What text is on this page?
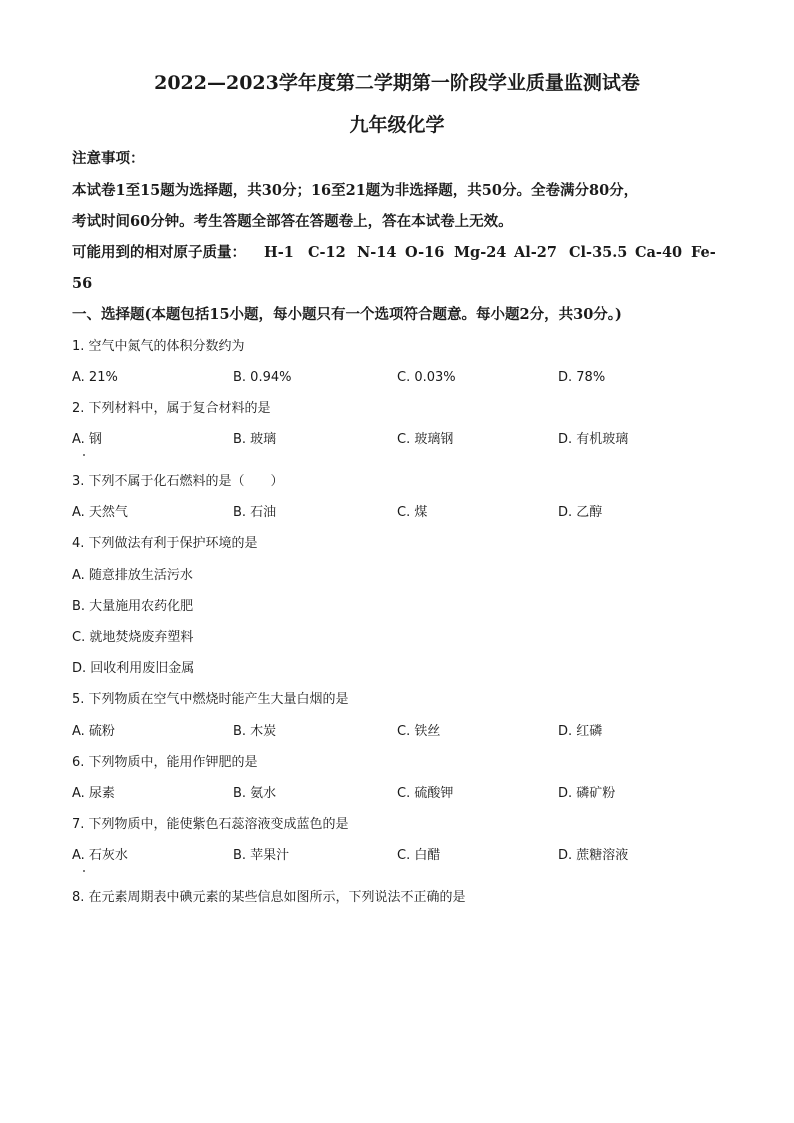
2022—2023学年度第二学期第一阶段学业质量监测试卷
九年级化学
注意事项：
本试卷1至15题为选择题，共30分；16至21题为非选择题，共50分。全卷满分80分，
考试时间60分钟。考生答题全部答在答题卷上，答在本试卷上无效。
可能用到的相对原子质量： H-1 C-12 N-14 O-16 Mg-24 Al-27 Cl-35.5 Ca-40 Fe-
56
一、选择题(本题包括15小题，每小题只有一个选项符合题意。每小题2分，共30分。)
1. 空气中氮气的体积分数约为
A. 21%	B. 0.94%	C. 0.03%	D. 78%
2. 下列材料中，属于复合材料的是
A. 钢	B. 玻璃	C. 玻璃钢	D. 有机玻璃
3. 下列不属于化石燃料的是（　　）
A. 天然气	B. 石油	C. 煤	D. 乙醇
4. 下列做法有利于保护环境的是
A. 随意排放生活污水
B. 大量施用农药化肥
C. 就地焚烧废弃塑料
D. 回收利用废旧金属
5. 下列物质在空气中燃烧时能产生大量白烟的是
A. 硫粉	B. 木炭	C. 铁丝	D. 红磷
6. 下列物质中，能用作钾肥的是
A. 尿素	B. 氨水	C. 硫酸钾	D. 磷矿粉
7. 下列物质中，能使紫色石蕊溶液变成蓝色的是
A. 石灰水	B. 苹果汁	C. 白醋	D. 蔗糖溶液
8. 在元素周期表中碘元素的某些信息如图所示，下列说法不正确的是
